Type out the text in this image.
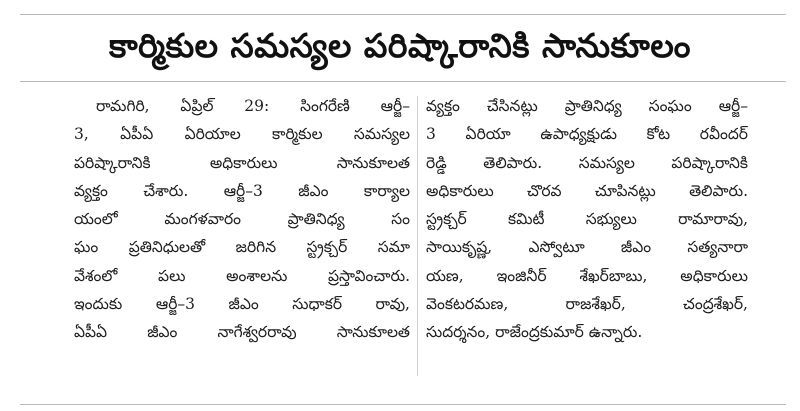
కార్మికుల సమస్యల పరిష్కారానికి సానుకూలం
రామగిరి, ఏప్రిల్ 29: సింగరేణి ఆర్జీ–
3, ఏపీఏ ఏరియాల కార్మికుల సమస్యల
పరిష్కారానికి అధికారులు సానుకూలత
వ్యక్తం చేశారు. ఆర్జీ–3 జీఎం కార్యాల
యంలో మంగళవారం ప్రాతినిధ్య సం
ఘం ప్రతినిధులతో జరిగిన స్ట్రక్చర్ సమా
వేశంలో పలు అంశాలను ప్రస్తావించారు.
ఇందుకు ఆర్జీ–3 జీఎం సుధాకర్ రావు,
ఏపీఏ జీఎం నాగేశ్వరరావు సానుకూలత
వ్యక్తం చేసినట్లు ప్రాతినిధ్య సంఘం ఆర్జీ–
3 ఏరియా ఉపాధ్యక్షుడు కోట రవీందర్
రెడ్డి తెలిపారు. సమస్యల పరిష్కారానికి
అధికారులు చొరవ చూపినట్లు తెలిపారు.
స్ట్రక్చర్ కమిటీ సభ్యులు రామారావు,
సాయికృష్ణ, ఎస్వోటూ జీఎం సత్యనారా
యణ, ఇంజినీర్ శేఖర్‌బాబు, అధికారులు
వెంకటరమణ, రాజశేఖర్, చంద్రశేఖర్,
సుదర్శనం, రాజేంద్రకుమార్ ఉన్నారు.
